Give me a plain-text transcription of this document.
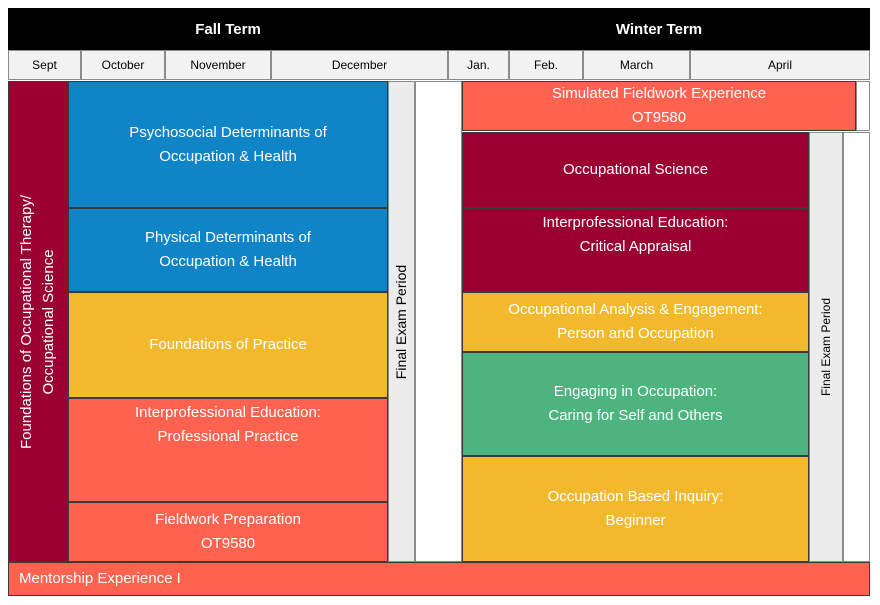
Fall Term	Winter Term
Sept	October	November	December	Jan.	Feb.	March	April
Foundations of Occupational Therapy/
Occupational Science
Psychosocial Determinants of
Occupation & Health
Physical Determinants of
Occupation & Health
Foundations of Practice
Interprofessional Education:
Professional Practice
Fieldwork Preparation
OT9580
Final Exam Period
Simulated Fieldwork Experience
OT9580
Occupational Science
Interprofessional Education:
Critical Appraisal
Occupational Analysis & Engagement:
Person and Occupation
Engaging in Occupation:
Caring for Self and Others
Occupation Based Inquiry:
Beginner
Final Exam Period
Mentorship Experience I
